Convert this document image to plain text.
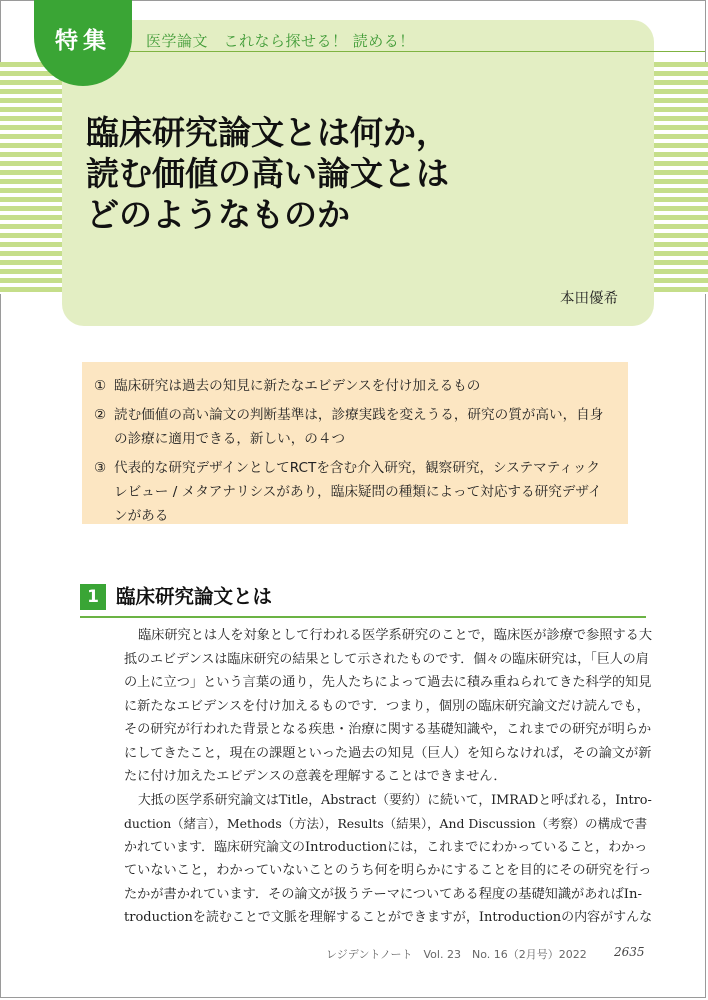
特集	医学論文　これなら探せる！ 読める！
臨床研究論文とは何か，
読む価値の高い論文とは
どのようなものか
本田優希
① 臨床研究は過去の知見に新たなエビデンスを付け加えるもの
② 読む価値の高い論文の判断基準は，診療実践を変えうる，研究の質が高い，自身の診療に適用できる，新しい，の４つ
③ 代表的な研究デザインとしてRCTを含む介入研究，観察研究，システマティックレビュー / メタアナリシスがあり，臨床疑問の種類によって対応する研究デザインがある
1 臨床研究論文とは
臨床研究とは人を対象として行われる医学系研究のことで，臨床医が診療で参照する大
抵のエビデンスは臨床研究の結果として示されたものです．個々の臨床研究は，「巨人の肩
の上に立つ」という言葉の通り，先人たちによって過去に積み重ねられてきた科学的知見
に新たなエビデンスを付け加えるものです．つまり，個別の臨床研究論文だけ読んでも，
その研究が行われた背景となる疾患・治療に関する基礎知識や，これまでの研究が明らか
にしてきたこと，現在の課題といった過去の知見（巨人）を知らなければ，その論文が新
たに付け加えたエビデンスの意義を理解することはできません．
大抵の医学系研究論文はTitle，Abstract（要約）に続いて，IMRADと呼ばれる，Intro-
duction（緒言），Methods（方法），Results（結果），And Discussion（考察）の構成で書
かれています．臨床研究論文のIntroductionには，これまでにわかっていること，わかっ
ていないこと，わかっていないことのうち何を明らかにすることを目的にその研究を行っ
たかが書かれています．その論文が扱うテーマについてある程度の基礎知識があればIn-
troductionを読むことで文脈を理解することができますが，Introductionの内容がすんな
レジデントノート　Vol. 23　No. 16（2月号）2022 2635
